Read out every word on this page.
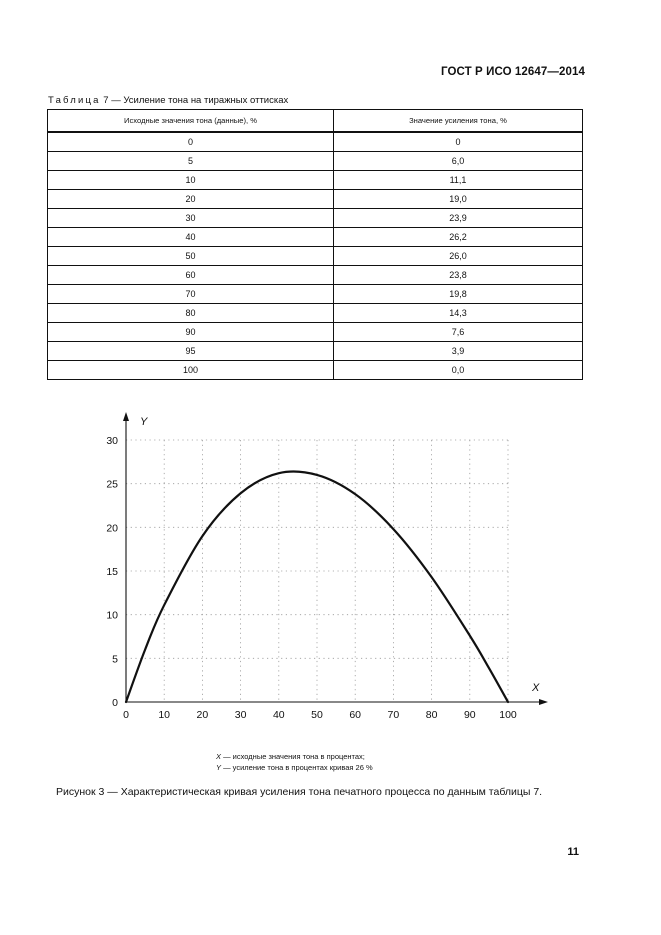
ГОСТ Р ИСО 12647—2014
Таблица 7 — Усиление тона на тиражных оттисках
Исходные значения тона (данные), %	Значение усиления тона, %
0	0
5	6,0
10	11,1
20	19,0
30	23,9
40	26,2
50	26,0
60	23,8
70	19,8
80	14,3
90	7,6
95	3,9
100	0,0
Y
X
0	10	20	30	40	50	60	70	80	90 100
0
5
10
15
20
25
30
X — исходные значения тона в процентах;
Y — усиление тона в процентах кривая 26 %
Рисунок 3 — Характеристическая кривая усиления тона печатного процесса по данным таблицы 7.
11
